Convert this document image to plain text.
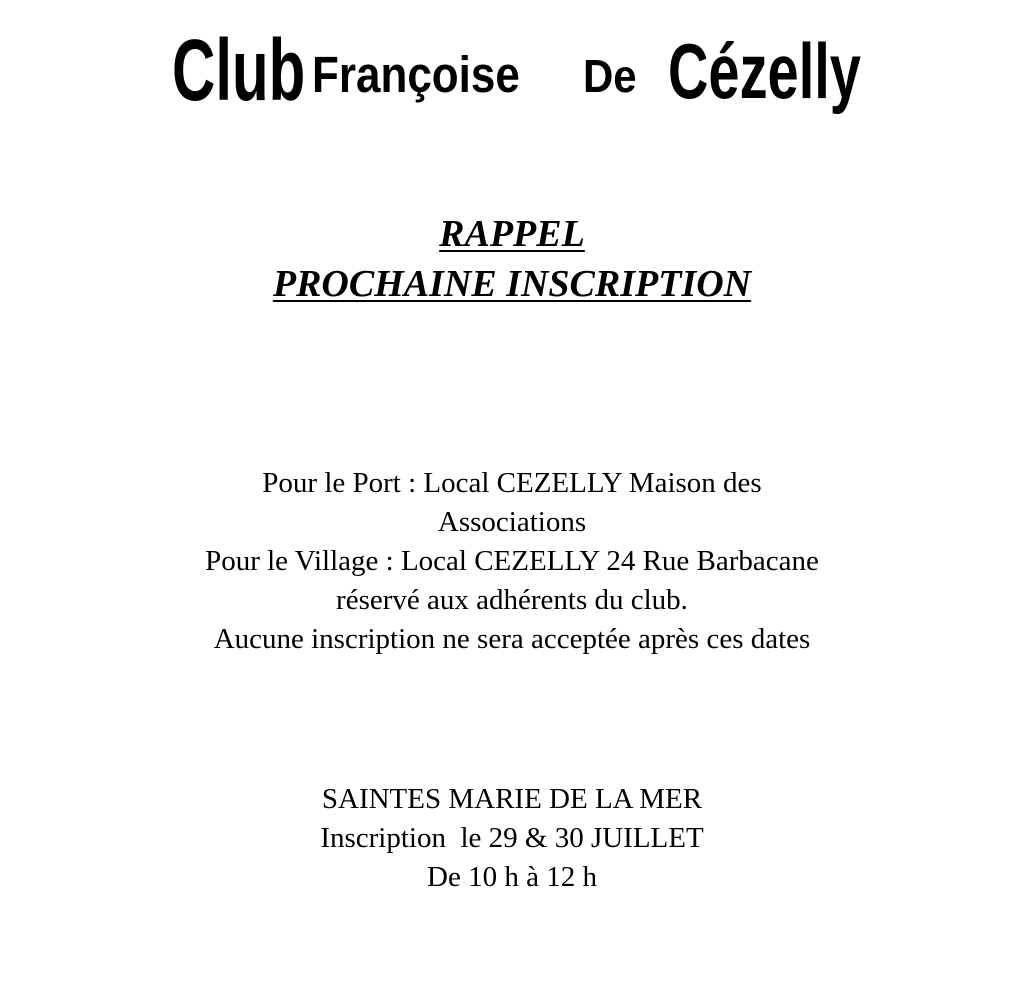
Club Françoise De Cézelly
RAPPEL
PROCHAINE INSCRIPTION
Pour le Port : Local CEZELLY Maison des
Associations
Pour le Village : Local CEZELLY 24 Rue Barbacane
réservé aux adhérents du club.
Aucune inscription ne sera acceptée après ces dates
SAINTES MARIE DE LA MER
Inscription  le 29 & 30 JUILLET
De 10 h à 12 h
